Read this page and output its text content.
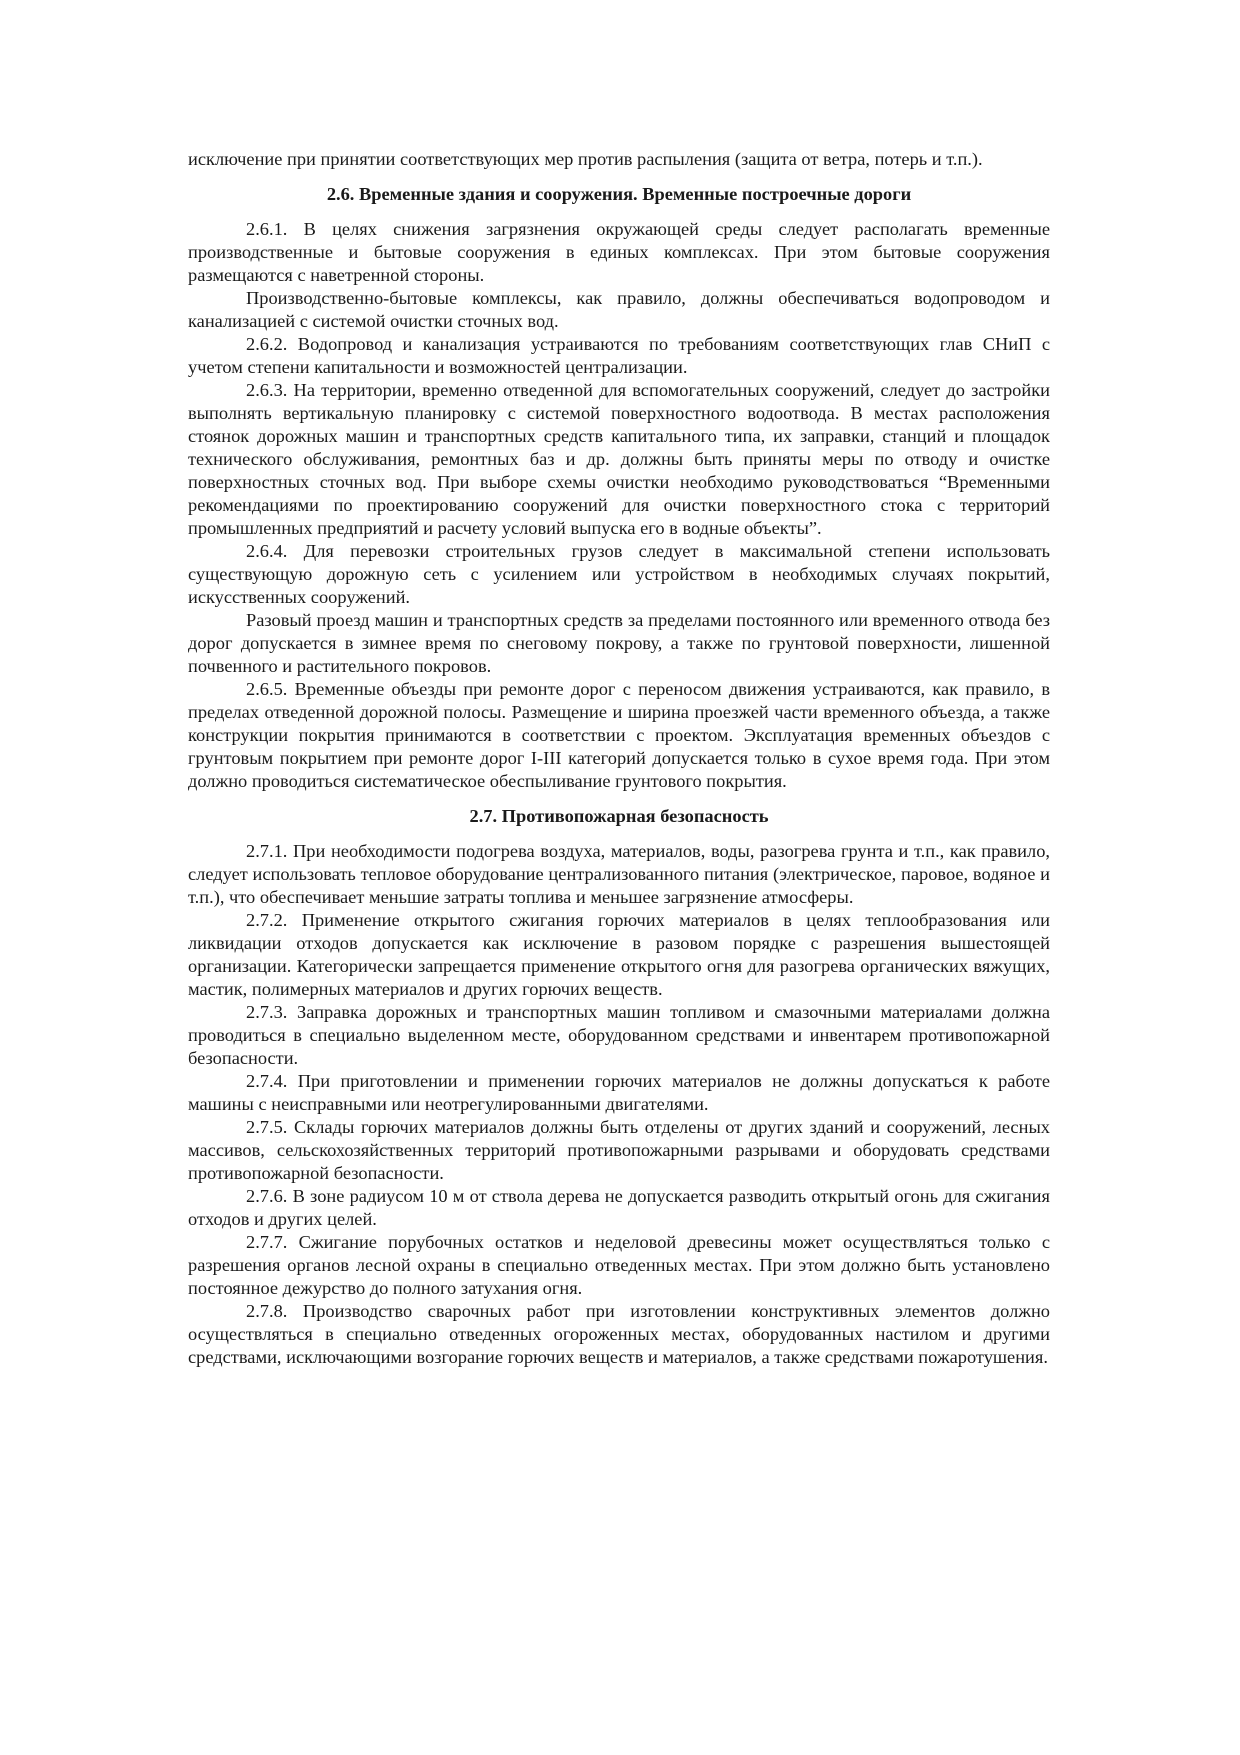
исключение при принятии соответствующих мер против распыления (защита от ветра, потерь и т.п.).

2.6. Временные здания и сооружения. Временные построечные дороги

2.6.1. В целях снижения загрязнения окружающей среды следует располагать временные производственные и бытовые сооружения в единых комплексах. При этом бытовые сооружения размещаются с наветренной стороны.

Производственно-бытовые комплексы, как правило, должны обеспечиваться водопроводом и канализацией с системой очистки сточных вод.

2.6.2. Водопровод и канализация устраиваются по требованиям соответствующих глав СНиП с учетом степени капитальности и возможностей централизации.

2.6.3. На территории, временно отведенной для вспомогательных сооружений, следует до застройки выполнять вертикальную планировку с системой поверхностного водоотвода. В местах расположения стоянок дорожных машин и транспортных средств капитального типа, их заправки, станций и площадок технического обслуживания, ремонтных баз и др. должны быть приняты меры по отводу и очистке поверхностных сточных вод. При выборе схемы очистки необходимо руководствоваться “Временными рекомендациями по проектированию сооружений для очистки поверхностного стока с территорий промышленных предприятий и расчету условий выпуска его в водные объекты”.

2.6.4. Для перевозки строительных грузов следует в максимальной степени использовать существующую дорожную сеть с усилением или устройством в необходимых случаях покрытий, искусственных сооружений.

Разовый проезд машин и транспортных средств за пределами постоянного или временного отвода без дорог допускается в зимнее время по снеговому покрову, а также по грунтовой поверхности, лишенной почвенного и растительного покровов.

2.6.5. Временные объезды при ремонте дорог с переносом движения устраиваются, как правило, в пределах отведенной дорожной полосы. Размещение и ширина проезжей части временного объезда, а также конструкции покрытия принимаются в соответствии с проектом. Эксплуатация временных объездов с грунтовым покрытием при ремонте дорог I-III категорий допускается только в сухое время года. При этом должно проводиться систематическое обеспыливание грунтового покрытия.

2.7. Противопожарная безопасность

2.7.1. При необходимости подогрева воздуха, материалов, воды, разогрева грунта и т.п., как правило, следует использовать тепловое оборудование централизованного питания (электрическое, паровое, водяное и т.п.), что обеспечивает меньшие затраты топлива и меньшее загрязнение атмосферы.

2.7.2. Применение открытого сжигания горючих материалов в целях теплообразования или ликвидации отходов допускается как исключение в разовом порядке с разрешения вышестоящей организации. Категорически запрещается применение открытого огня для разогрева органических вяжущих, мастик, полимерных материалов и других горючих веществ.

2.7.3. Заправка дорожных и транспортных машин топливом и смазочными материалами должна проводиться в специально выделенном месте, оборудованном средствами и инвентарем противопожарной безопасности.

2.7.4. При приготовлении и применении горючих материалов не должны допускаться к работе машины с неисправными или неотрегулированными двигателями.

2.7.5. Склады горючих материалов должны быть отделены от других зданий и сооружений, лесных массивов, сельскохозяйственных территорий противопожарными разрывами и оборудовать средствами противопожарной безопасности.

2.7.6. В зоне радиусом 10 м от ствола дерева не допускается разводить открытый огонь для сжигания отходов и других целей.

2.7.7. Сжигание порубочных остатков и неделовой древесины может осуществляться только с разрешения органов лесной охраны в специально отведенных местах. При этом должно быть установлено постоянное дежурство до полного затухания огня.

2.7.8. Производство сварочных работ при изготовлении конструктивных элементов должно осуществляться в специально отведенных огороженных местах, оборудованных настилом и другими средствами, исключающими возгорание горючих веществ и материалов, а также средствами пожаротушения.
